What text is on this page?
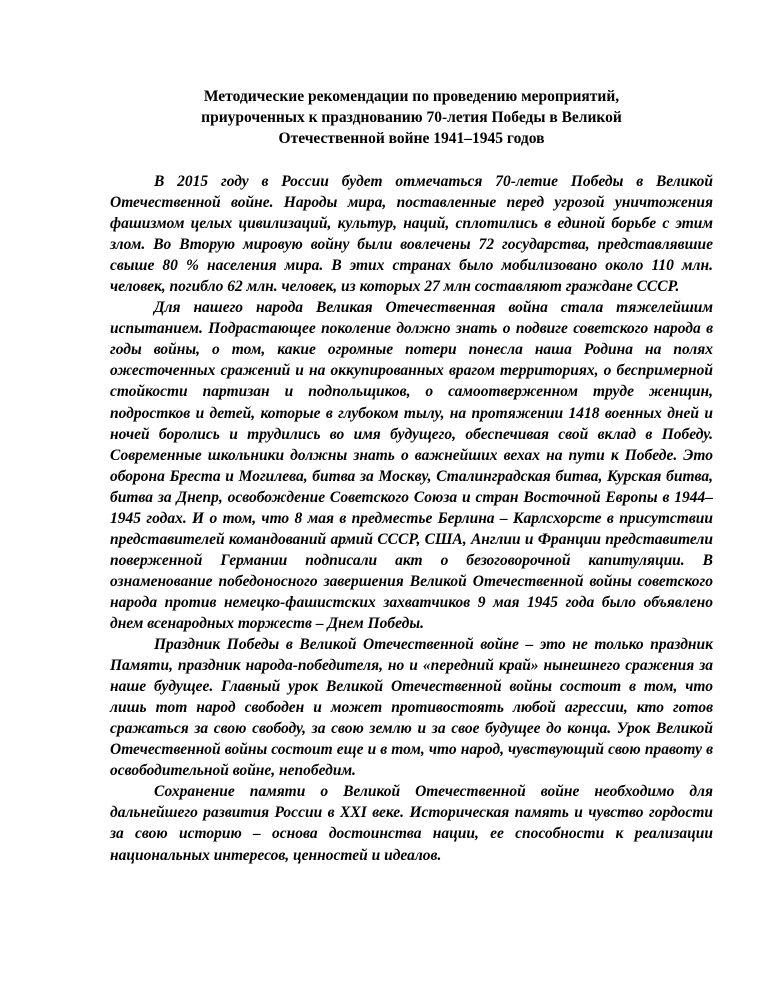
Методические рекомендации по проведению мероприятий,
приуроченных к празднованию 70-летия Победы в Великой
Отечественной войне 1941–1945 годов

В 2015 году в России будет отмечаться 70-летие Победы в Великой Отечественной войне. Народы мира, поставленные перед угрозой уничтожения фашизмом целых цивилизаций, культур, наций, сплотились в единой борьбе с этим злом. Во Вторую мировую войну были вовлечены 72 государства, представлявшие свыше 80 % населения мира. В этих странах было мобилизовано около 110 млн. человек, погибло 62 млн. человек, из которых 27 млн составляют граждане СССР.

Для нашего народа Великая Отечественная война стала тяжелейшим испытанием. Подрастающее поколение должно знать о подвиге советского народа в годы войны, о том, какие огромные потери понесла наша Родина на полях ожесточенных сражений и на оккупированных врагом территориях, о беспримерной стойкости партизан и подпольщиков, о самоотверженном труде женщин, подростков и детей, которые в глубоком тылу, на протяжении 1418 военных дней и ночей боролись и трудились во имя будущего, обеспечивая свой вклад в Победу. Современные школьники должны знать о важнейших вехах на пути к Победе. Это оборона Бреста и Могилева, битва за Москву, Сталинградская битва, Курская битва, битва за Днепр, освобождение Советского Союза и стран Восточной Европы в 1944–1945 годах. И о том, что 8 мая в предместье Берлина – Карлсхорсте в присутствии представителей командований армий СССР, США, Англии и Франции представители поверженной Германии подписали акт о безоговорочной капитуляции. В ознаменование победоносного завершения Великой Отечественной войны советского народа против немецко-фашистских захватчиков 9 мая 1945 года было объявлено днем всенародных торжеств – Днем Победы.

Праздник Победы в Великой Отечественной войне – это не только праздник Памяти, праздник народа-победителя, но и «передний край» нынешнего сражения за наше будущее. Главный урок Великой Отечественной войны состоит в том, что лишь тот народ свободен и может противостоять любой агрессии, кто готов сражаться за свою свободу, за свою землю и за свое будущее до конца. Урок Великой Отечественной войны состоит еще и в том, что народ, чувствующий свою правоту в освободительной войне, непобедим.

Сохранение памяти о Великой Отечественной войне необходимо для дальнейшего развития России в XXI веке. Историческая память и чувство гордости за свою историю – основа достоинства нации, ее способности к реализации национальных интересов, ценностей и идеалов.
